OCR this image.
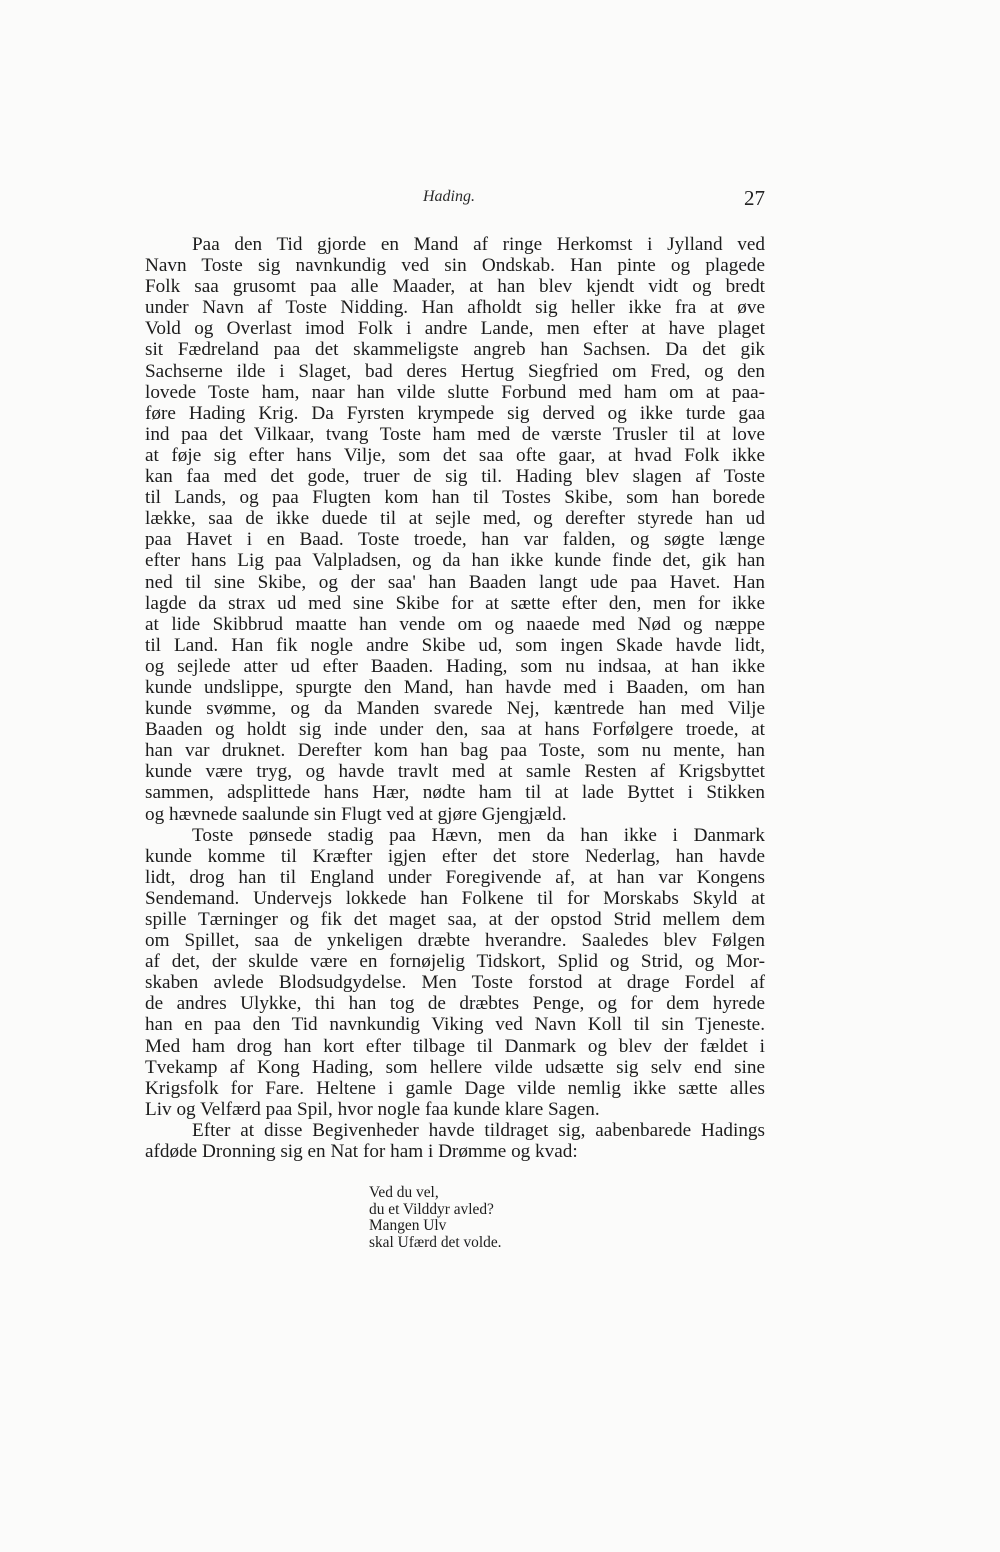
Hading.	27
Paa den Tid gjorde en Mand af ringe Herkomst i Jylland ved
Navn Toste sig navnkundig ved sin Ondskab. Han pinte og plagede
Folk saa grusomt paa alle Maader, at han blev kjendt vidt og bredt
under Navn af Toste Nidding. Han afholdt sig heller ikke fra at øve
Vold og Overlast imod Folk i andre Lande, men efter at have plaget
sit Fædreland paa det skammeligste angreb han Sachsen. Da det gik
Sachserne ilde i Slaget, bad deres Hertug Siegfried om Fred, og den
lovede Toste ham, naar han vilde slutte Forbund med ham om at paa-
føre Hading Krig. Da Fyrsten krympede sig derved og ikke turde gaa
ind paa det Vilkaar, tvang Toste ham med de værste Trusler til at love
at føje sig efter hans Vilje, som det saa ofte gaar, at hvad Folk ikke
kan faa med det gode, truer de sig til. Hading blev slagen af Toste
til Lands, og paa Flugten kom han til Tostes Skibe, som han borede
lække, saa de ikke duede til at sejle med, og derefter styrede han ud
paa Havet i en Baad. Toste troede, han var falden, og søgte længe
efter hans Lig paa Valpladsen, og da han ikke kunde finde det, gik han
ned til sine Skibe, og der saa' han Baaden langt ude paa Havet. Han
lagde da strax ud med sine Skibe for at sætte efter den, men for ikke
at lide Skibbrud maatte han vende om og naaede med Nød og næppe
til Land. Han fik nogle andre Skibe ud, som ingen Skade havde lidt,
og sejlede atter ud efter Baaden. Hading, som nu indsaa, at han ikke
kunde undslippe, spurgte den Mand, han havde med i Baaden, om han
kunde svømme, og da Manden svarede Nej, kæntrede han med Vilje
Baaden og holdt sig inde under den, saa at hans Forfølgere troede, at
han var druknet. Derefter kom han bag paa Toste, som nu mente, han
kunde være tryg, og havde travlt med at samle Resten af Krigsbyttet
sammen, adsplittede hans Hær, nødte ham til at lade Byttet i Stikken
og hævnede saalunde sin Flugt ved at gjøre Gjengjæld.
Toste pønsede stadig paa Hævn, men da han ikke i Danmark
kunde komme til Kræfter igjen efter det store Nederlag, han havde
lidt, drog han til England under Foregivende af, at han var Kongens
Sendemand. Undervejs lokkede han Folkene til for Morskabs Skyld at
spille Tærninger og fik det maget saa, at der opstod Strid mellem dem
om Spillet, saa de ynkeligen dræbte hverandre. Saaledes blev Følgen
af det, der skulde være en fornøjelig Tidskort, Splid og Strid, og Mor-
skaben avlede Blodsudgydelse. Men Toste forstod at drage Fordel af
de andres Ulykke, thi han tog de dræbtes Penge, og for dem hyrede
han en paa den Tid navnkundig Viking ved Navn Koll til sin Tjeneste.
Med ham drog han kort efter tilbage til Danmark og blev der fældet i
Tvekamp af Kong Hading, som hellere vilde udsætte sig selv end sine
Krigsfolk for Fare. Heltene i gamle Dage vilde nemlig ikke sætte alles
Liv og Velfærd paa Spil, hvor nogle faa kunde klare Sagen.
Efter at disse Begivenheder havde tildraget sig, aabenbarede Hadings
afdøde Dronning sig en Nat for ham i Drømme og kvad:
Ved du vel,
du et Vilddyr avled?
Mangen Ulv
skal Ufærd det volde.
